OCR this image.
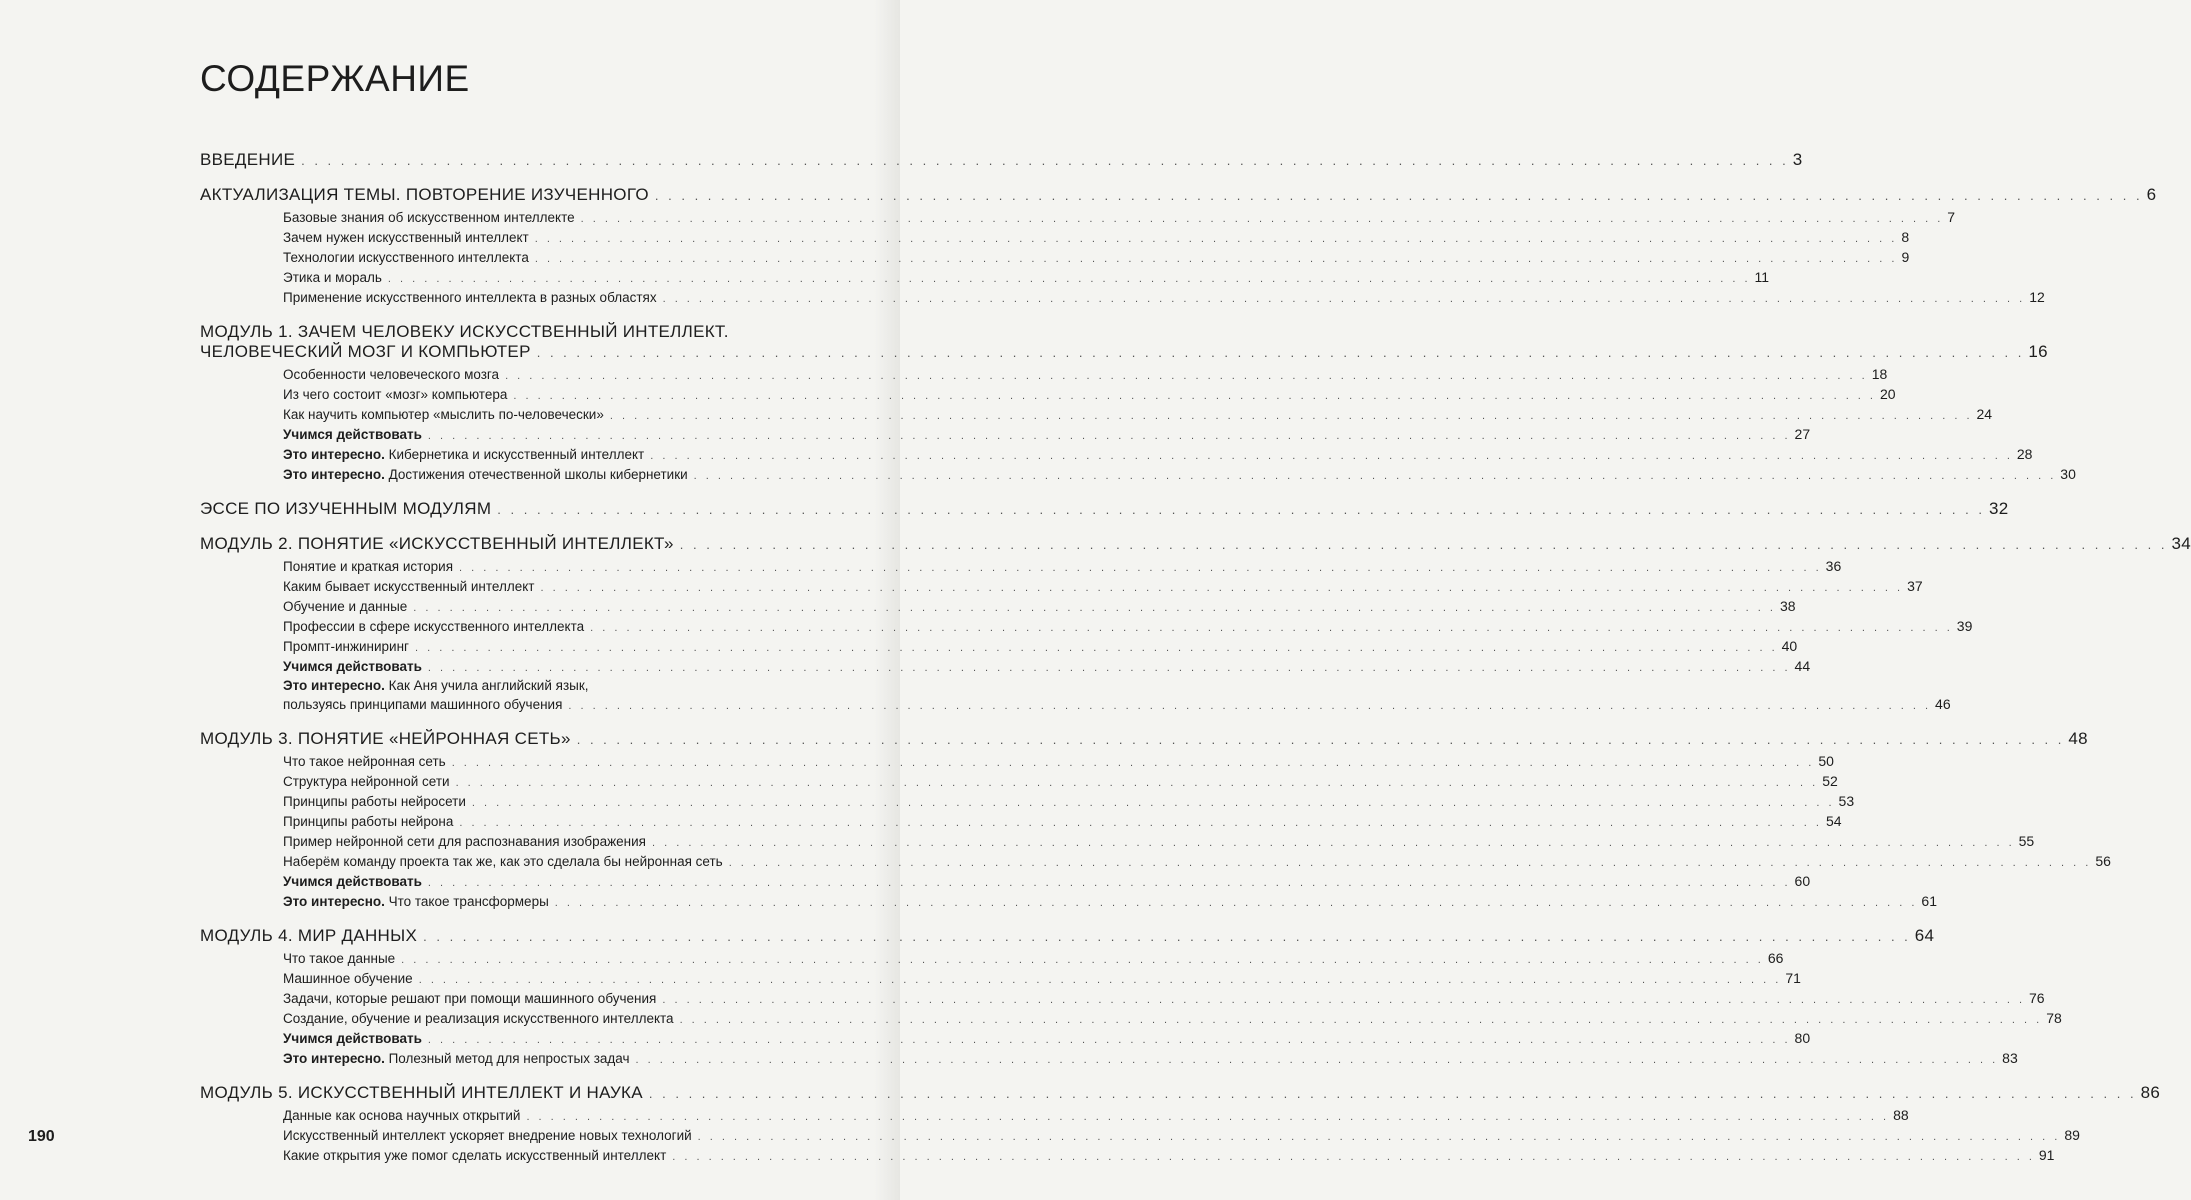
СОДЕРЖАНИЕ
ВВЕДЕНИЕ . . . . . . . . . . . . . . . . . . . . . . . . . . . . . . . . . . . . . . . . . . . . . . . . . . . . . . . . . . . . . . . . . . . . . . . . . . . . . . . . . . . . . . . . . . . . . . . . . . . . . . . . . . . . . . . . . 3
АКТУАЛИЗАЦИЯ ТЕМЫ. ПОВТОРЕНИЕ ИЗУЧЕННОГО . . . . . . . . . . . . . . . . . . . . . . . . . . . . . . . . . . . . . . . . . . . . . . . . . . . . . . . . . . . . . . . . . . . . . . . . . . . . . . . . . . . . . . . . . . . . . . . . . . . . . . . . . . . . . . . . . 6
Базовые знания об искусственном интеллекте . . . . . . . . . . . . . . . . . . . . . . . . . . . . . . . . . . . . . . . . . . . . . . . . . . . . . . . . . . . . . . . . . . . . . . . . . . . . . . . . . . . . . . . . . . . . . . . . . . . . . . . . . . . . . . . . . 7
Зачем нужен искусственный интеллект . . . . . . . . . . . . . . . . . . . . . . . . . . . . . . . . . . . . . . . . . . . . . . . . . . . . . . . . . . . . . . . . . . . . . . . . . . . . . . . . . . . . . . . . . . . . . . . . . . . . . . . . . . . . . . . . . 8
Технологии искусственного интеллекта . . . . . . . . . . . . . . . . . . . . . . . . . . . . . . . . . . . . . . . . . . . . . . . . . . . . . . . . . . . . . . . . . . . . . . . . . . . . . . . . . . . . . . . . . . . . . . . . . . . . . . . . . . . . . . . . . 9
Этика и мораль . . . . . . . . . . . . . . . . . . . . . . . . . . . . . . . . . . . . . . . . . . . . . . . . . . . . . . . . . . . . . . . . . . . . . . . . . . . . . . . . . . . . . . . . . . . . . . . . . . . . . . . . . . . . . . . . . 11
Применение искусственного интеллекта в разных областях . . . . . . . . . . . . . . . . . . . . . . . . . . . . . . . . . . . . . . . . . . . . . . . . . . . . . . . . . . . . . . . . . . . . . . . . . . . . . . . . . . . . . . . . . . . . . . . . . . . . . . . . . . . . . . . . . 12
МОДУЛЬ 1. ЗАЧЕМ ЧЕЛОВЕКУ ИСКУССТВЕННЫЙ ИНТЕЛЛЕКТ.
ЧЕЛОВЕЧЕСКИЙ МОЗГ И КОМПЬЮТЕР . . . . . . . . . . . . . . . . . . . . . . . . . . . . . . . . . . . . . . . . . . . . . . . . . . . . . . . . . . . . . . . . . . . . . . . . . . . . . . . . . . . . . . . . . . . . . . . . . . . . . . . . . . . . . . . . . 16
Особенности человеческого мозга . . . . . . . . . . . . . . . . . . . . . . . . . . . . . . . . . . . . . . . . . . . . . . . . . . . . . . . . . . . . . . . . . . . . . . . . . . . . . . . . . . . . . . . . . . . . . . . . . . . . . . . . . . . . . . . . . 18
Из чего состоит «мозг» компьютера . . . . . . . . . . . . . . . . . . . . . . . . . . . . . . . . . . . . . . . . . . . . . . . . . . . . . . . . . . . . . . . . . . . . . . . . . . . . . . . . . . . . . . . . . . . . . . . . . . . . . . . . . . . . . . . . . 20
Как научить компьютер «мыслить по-человечески» . . . . . . . . . . . . . . . . . . . . . . . . . . . . . . . . . . . . . . . . . . . . . . . . . . . . . . . . . . . . . . . . . . . . . . . . . . . . . . . . . . . . . . . . . . . . . . . . . . . . . . . . . . . . . . . . . 24
Учимся действовать . . . . . . . . . . . . . . . . . . . . . . . . . . . . . . . . . . . . . . . . . . . . . . . . . . . . . . . . . . . . . . . . . . . . . . . . . . . . . . . . . . . . . . . . . . . . . . . . . . . . . . . . . . . . . . . . . 27
Это интересно. Кибернетика и искусственный интеллект . . . . . . . . . . . . . . . . . . . . . . . . . . . . . . . . . . . . . . . . . . . . . . . . . . . . . . . . . . . . . . . . . . . . . . . . . . . . . . . . . . . . . . . . . . . . . . . . . . . . . . . . . . . . . . . . . 28
Это интересно. Достижения отечественной школы кибернетики . . . . . . . . . . . . . . . . . . . . . . . . . . . . . . . . . . . . . . . . . . . . . . . . . . . . . . . . . . . . . . . . . . . . . . . . . . . . . . . . . . . . . . . . . . . . . . . . . . . . . . . . . . . . . . . . . 30
ЭССЕ ПО ИЗУЧЕННЫМ МОДУЛЯМ . . . . . . . . . . . . . . . . . . . . . . . . . . . . . . . . . . . . . . . . . . . . . . . . . . . . . . . . . . . . . . . . . . . . . . . . . . . . . . . . . . . . . . . . . . . . . . . . . . . . . . . . . . . . . . . . . 32
МОДУЛЬ 2. ПОНЯТИЕ «ИСКУССТВЕННЫЙ ИНТЕЛЛЕКТ» . . . . . . . . . . . . . . . . . . . . . . . . . . . . . . . . . . . . . . . . . . . . . . . . . . . . . . . . . . . . . . . . . . . . . . . . . . . . . . . . . . . . . . . . . . . . . . . . . . . . . . . . . . . . . . . . . 34
Понятие и краткая история . . . . . . . . . . . . . . . . . . . . . . . . . . . . . . . . . . . . . . . . . . . . . . . . . . . . . . . . . . . . . . . . . . . . . . . . . . . . . . . . . . . . . . . . . . . . . . . . . . . . . . . . . . . . . . . . . 36
Каким бывает искусственный интеллект . . . . . . . . . . . . . . . . . . . . . . . . . . . . . . . . . . . . . . . . . . . . . . . . . . . . . . . . . . . . . . . . . . . . . . . . . . . . . . . . . . . . . . . . . . . . . . . . . . . . . . . . . . . . . . . . . 37
Обучение и данные . . . . . . . . . . . . . . . . . . . . . . . . . . . . . . . . . . . . . . . . . . . . . . . . . . . . . . . . . . . . . . . . . . . . . . . . . . . . . . . . . . . . . . . . . . . . . . . . . . . . . . . . . . . . . . . . . 38
Профессии в сфере искусственного интеллекта . . . . . . . . . . . . . . . . . . . . . . . . . . . . . . . . . . . . . . . . . . . . . . . . . . . . . . . . . . . . . . . . . . . . . . . . . . . . . . . . . . . . . . . . . . . . . . . . . . . . . . . . . . . . . . . . . 39
Промпт-инжиниринг . . . . . . . . . . . . . . . . . . . . . . . . . . . . . . . . . . . . . . . . . . . . . . . . . . . . . . . . . . . . . . . . . . . . . . . . . . . . . . . . . . . . . . . . . . . . . . . . . . . . . . . . . . . . . . . . . 40
Учимся действовать . . . . . . . . . . . . . . . . . . . . . . . . . . . . . . . . . . . . . . . . . . . . . . . . . . . . . . . . . . . . . . . . . . . . . . . . . . . . . . . . . . . . . . . . . . . . . . . . . . . . . . . . . . . . . . . . . 44
Это интересно. Как Аня учила английский язык,
пользуясь принципами машинного обучения . . . . . . . . . . . . . . . . . . . . . . . . . . . . . . . . . . . . . . . . . . . . . . . . . . . . . . . . . . . . . . . . . . . . . . . . . . . . . . . . . . . . . . . . . . . . . . . . . . . . . . . . . . . . . . . . . 46
МОДУЛЬ 3. ПОНЯТИЕ «НЕЙРОННАЯ СЕТЬ» . . . . . . . . . . . . . . . . . . . . . . . . . . . . . . . . . . . . . . . . . . . . . . . . . . . . . . . . . . . . . . . . . . . . . . . . . . . . . . . . . . . . . . . . . . . . . . . . . . . . . . . . . . . . . . . . . 48
Что такое нейронная сеть . . . . . . . . . . . . . . . . . . . . . . . . . . . . . . . . . . . . . . . . . . . . . . . . . . . . . . . . . . . . . . . . . . . . . . . . . . . . . . . . . . . . . . . . . . . . . . . . . . . . . . . . . . . . . . . . . 50
Структура нейронной сети . . . . . . . . . . . . . . . . . . . . . . . . . . . . . . . . . . . . . . . . . . . . . . . . . . . . . . . . . . . . . . . . . . . . . . . . . . . . . . . . . . . . . . . . . . . . . . . . . . . . . . . . . . . . . . . . . 52
Принципы работы нейросети . . . . . . . . . . . . . . . . . . . . . . . . . . . . . . . . . . . . . . . . . . . . . . . . . . . . . . . . . . . . . . . . . . . . . . . . . . . . . . . . . . . . . . . . . . . . . . . . . . . . . . . . . . . . . . . . . 53
Принципы работы нейрона . . . . . . . . . . . . . . . . . . . . . . . . . . . . . . . . . . . . . . . . . . . . . . . . . . . . . . . . . . . . . . . . . . . . . . . . . . . . . . . . . . . . . . . . . . . . . . . . . . . . . . . . . . . . . . . . . 54
Пример нейронной сети для распознавания изображения . . . . . . . . . . . . . . . . . . . . . . . . . . . . . . . . . . . . . . . . . . . . . . . . . . . . . . . . . . . . . . . . . . . . . . . . . . . . . . . . . . . . . . . . . . . . . . . . . . . . . . . . . . . . . . . . . 55
Наберём команду проекта так же, как это сделала бы нейронная сеть . . . . . . . . . . . . . . . . . . . . . . . . . . . . . . . . . . . . . . . . . . . . . . . . . . . . . . . . . . . . . . . . . . . . . . . . . . . . . . . . . . . . . . . . . . . . . . . . . . . . . . . . . . . . . . . . . 56
Учимся действовать . . . . . . . . . . . . . . . . . . . . . . . . . . . . . . . . . . . . . . . . . . . . . . . . . . . . . . . . . . . . . . . . . . . . . . . . . . . . . . . . . . . . . . . . . . . . . . . . . . . . . . . . . . . . . . . . . 60
Это интересно. Что такое трансформеры . . . . . . . . . . . . . . . . . . . . . . . . . . . . . . . . . . . . . . . . . . . . . . . . . . . . . . . . . . . . . . . . . . . . . . . . . . . . . . . . . . . . . . . . . . . . . . . . . . . . . . . . . . . . . . . . . 61
МОДУЛЬ 4. МИР ДАННЫХ . . . . . . . . . . . . . . . . . . . . . . . . . . . . . . . . . . . . . . . . . . . . . . . . . . . . . . . . . . . . . . . . . . . . . . . . . . . . . . . . . . . . . . . . . . . . . . . . . . . . . . . . . . . . . . . . . 64
Что такое данные . . . . . . . . . . . . . . . . . . . . . . . . . . . . . . . . . . . . . . . . . . . . . . . . . . . . . . . . . . . . . . . . . . . . . . . . . . . . . . . . . . . . . . . . . . . . . . . . . . . . . . . . . . . . . . . . . 66
Машинное обучение . . . . . . . . . . . . . . . . . . . . . . . . . . . . . . . . . . . . . . . . . . . . . . . . . . . . . . . . . . . . . . . . . . . . . . . . . . . . . . . . . . . . . . . . . . . . . . . . . . . . . . . . . . . . . . . . . 71
Задачи, которые решают при помощи машинного обучения . . . . . . . . . . . . . . . . . . . . . . . . . . . . . . . . . . . . . . . . . . . . . . . . . . . . . . . . . . . . . . . . . . . . . . . . . . . . . . . . . . . . . . . . . . . . . . . . . . . . . . . . . . . . . . . . . 76
Создание, обучение и реализация искусственного интеллекта . . . . . . . . . . . . . . . . . . . . . . . . . . . . . . . . . . . . . . . . . . . . . . . . . . . . . . . . . . . . . . . . . . . . . . . . . . . . . . . . . . . . . . . . . . . . . . . . . . . . . . . . . . . . . . . . . 78
Учимся действовать . . . . . . . . . . . . . . . . . . . . . . . . . . . . . . . . . . . . . . . . . . . . . . . . . . . . . . . . . . . . . . . . . . . . . . . . . . . . . . . . . . . . . . . . . . . . . . . . . . . . . . . . . . . . . . . . . 80
Это интересно. Полезный метод для непростых задач . . . . . . . . . . . . . . . . . . . . . . . . . . . . . . . . . . . . . . . . . . . . . . . . . . . . . . . . . . . . . . . . . . . . . . . . . . . . . . . . . . . . . . . . . . . . . . . . . . . . . . . . . . . . . . . . . 83
МОДУЛЬ 5. ИСКУССТВЕННЫЙ ИНТЕЛЛЕКТ И НАУКА . . . . . . . . . . . . . . . . . . . . . . . . . . . . . . . . . . . . . . . . . . . . . . . . . . . . . . . . . . . . . . . . . . . . . . . . . . . . . . . . . . . . . . . . . . . . . . . . . . . . . . . . . . . . . . . . . 86
Данные как основа научных открытий . . . . . . . . . . . . . . . . . . . . . . . . . . . . . . . . . . . . . . . . . . . . . . . . . . . . . . . . . . . . . . . . . . . . . . . . . . . . . . . . . . . . . . . . . . . . . . . . . . . . . . . . . . . . . . . . . 88
Искусственный интеллект ускоряет внедрение новых технологий . . . . . . . . . . . . . . . . . . . . . . . . . . . . . . . . . . . . . . . . . . . . . . . . . . . . . . . . . . . . . . . . . . . . . . . . . . . . . . . . . . . . . . . . . . . . . . . . . . . . . . . . . . . . . . . . . 89
Какие открытия уже помог сделать искусственный интеллект . . . . . . . . . . . . . . . . . . . . . . . . . . . . . . . . . . . . . . . . . . . . . . . . . . . . . . . . . . . . . . . . . . . . . . . . . . . . . . . . . . . . . . . . . . . . . . . . . . . . . . . . . . . . . . . . . 91
190
